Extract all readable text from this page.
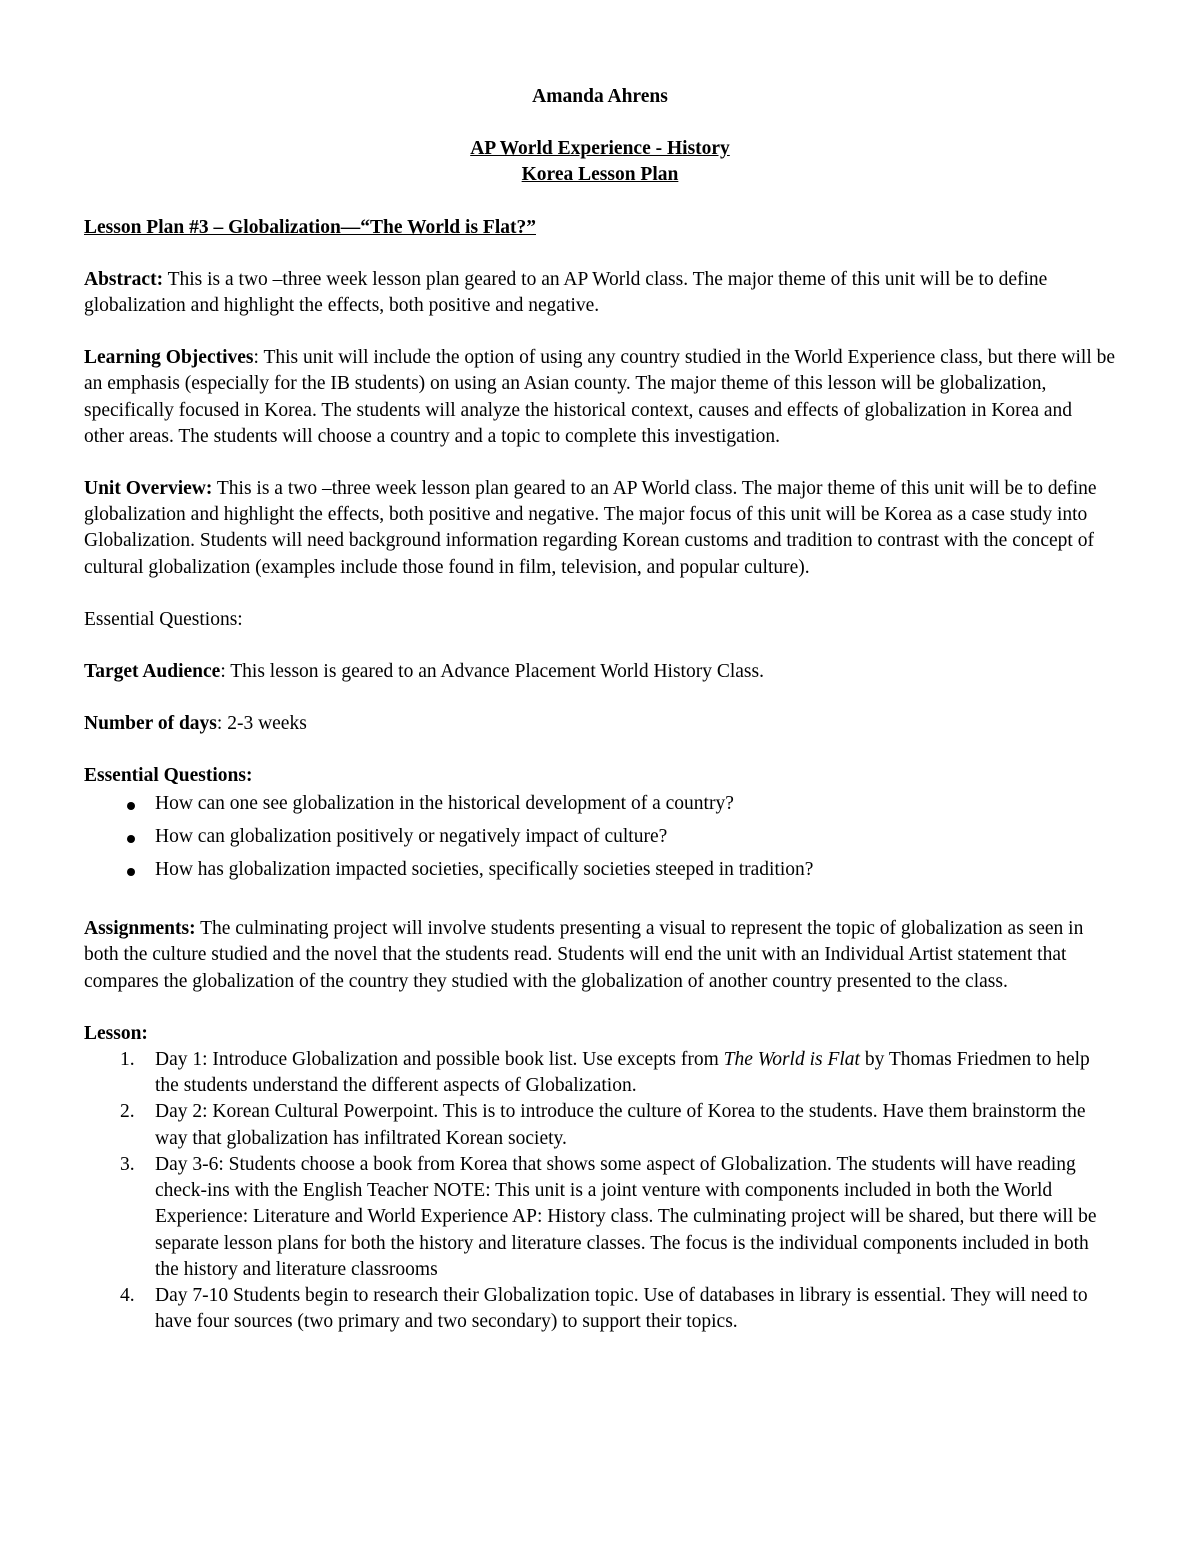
Amanda Ahrens

AP World Experience - History

Korea Lesson Plan

Lesson Plan #3 – Globalization—“The World is Flat?”

Abstract: This is a two –three week lesson plan geared to an AP World class. The major theme of this unit will be to define globalization and highlight the effects, both positive and negative.

Learning Objectives: This unit will include the option of using any country studied in the World Experience class, but there will be an emphasis (especially for the IB students) on using an Asian county. The major theme of this lesson will be globalization, specifically focused in Korea. The students will analyze the historical context, causes and effects of globalization in Korea and other areas. The students will choose a country and a topic to complete this investigation.

Unit Overview: This is a two –three week lesson plan geared to an AP World class. The major theme of this unit will be to define globalization and highlight the effects, both positive and negative. The major focus of this unit will be Korea as a case study into Globalization. Students will need background information regarding Korean customs and tradition to contrast with the concept of cultural globalization (examples include those found in film, television, and popular culture).

Essential Questions:

Target Audience: This lesson is geared to an Advance Placement World History Class.

Number of days: 2-3 weeks

Essential Questions:

How can one see globalization in the historical development of a country?
How can globalization positively or negatively impact of culture?
How has globalization impacted societies, specifically societies steeped in tradition?

Assignments: The culminating project will involve students presenting a visual to represent the topic of globalization as seen in both the culture studied and the novel that the students read. Students will end the unit with an Individual Artist statement that compares the globalization of the country they studied with the globalization of another country presented to the class.

Lesson:

1. Day 1: Introduce Globalization and possible book list. Use excepts from The World is Flat by Thomas Friedmen to help the students understand the different aspects of Globalization.
2. Day 2: Korean Cultural Powerpoint. This is to introduce the culture of Korea to the students. Have them brainstorm the way that globalization has infiltrated Korean society.
3. Day 3-6: Students choose a book from Korea that shows some aspect of Globalization. The students will have reading check-ins with the English Teacher NOTE: This unit is a joint venture with components included in both the World Experience: Literature and World Experience AP: History class. The culminating project will be shared, but there will be separate lesson plans for both the history and literature classes. The focus is the individual components included in both the history and literature classrooms
4. Day 7-10 Students begin to research their Globalization topic. Use of databases in library is essential. They will need to have four sources (two primary and two secondary) to support their topics.
